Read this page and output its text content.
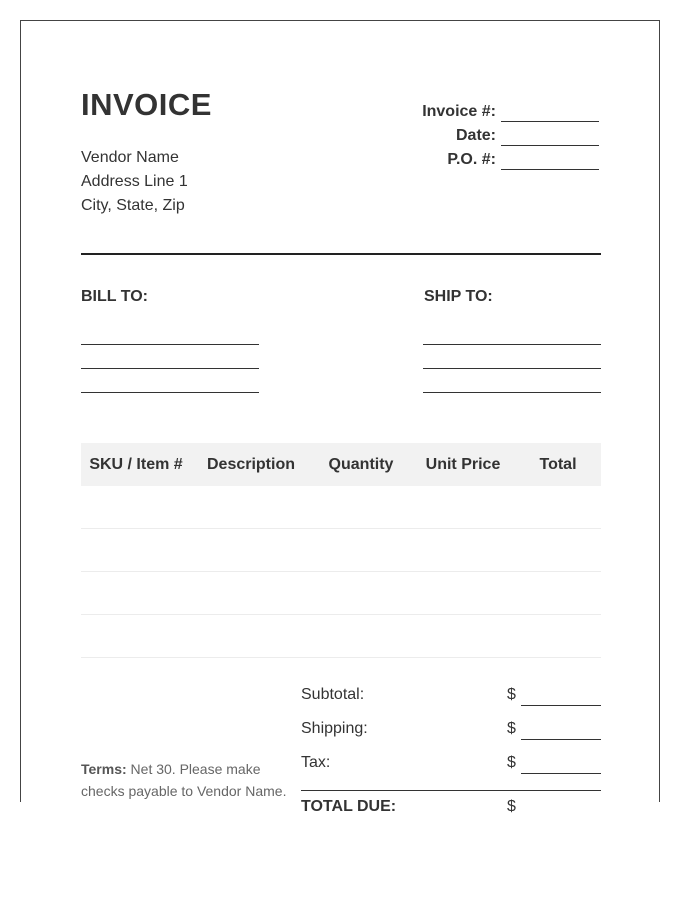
INVOICE
Vendor Name
Address Line 1
City, State, Zip
Invoice #:
Date:
P.O. #:
BILL TO:	SHIP TO:
SKU / Item #	Description	Quantity	Unit Price	Total

Subtotal:	$
Shipping:	$
Tax:	$
TOTAL DUE:	$
Terms: Net 30. Please make checks payable to Vendor Name.
